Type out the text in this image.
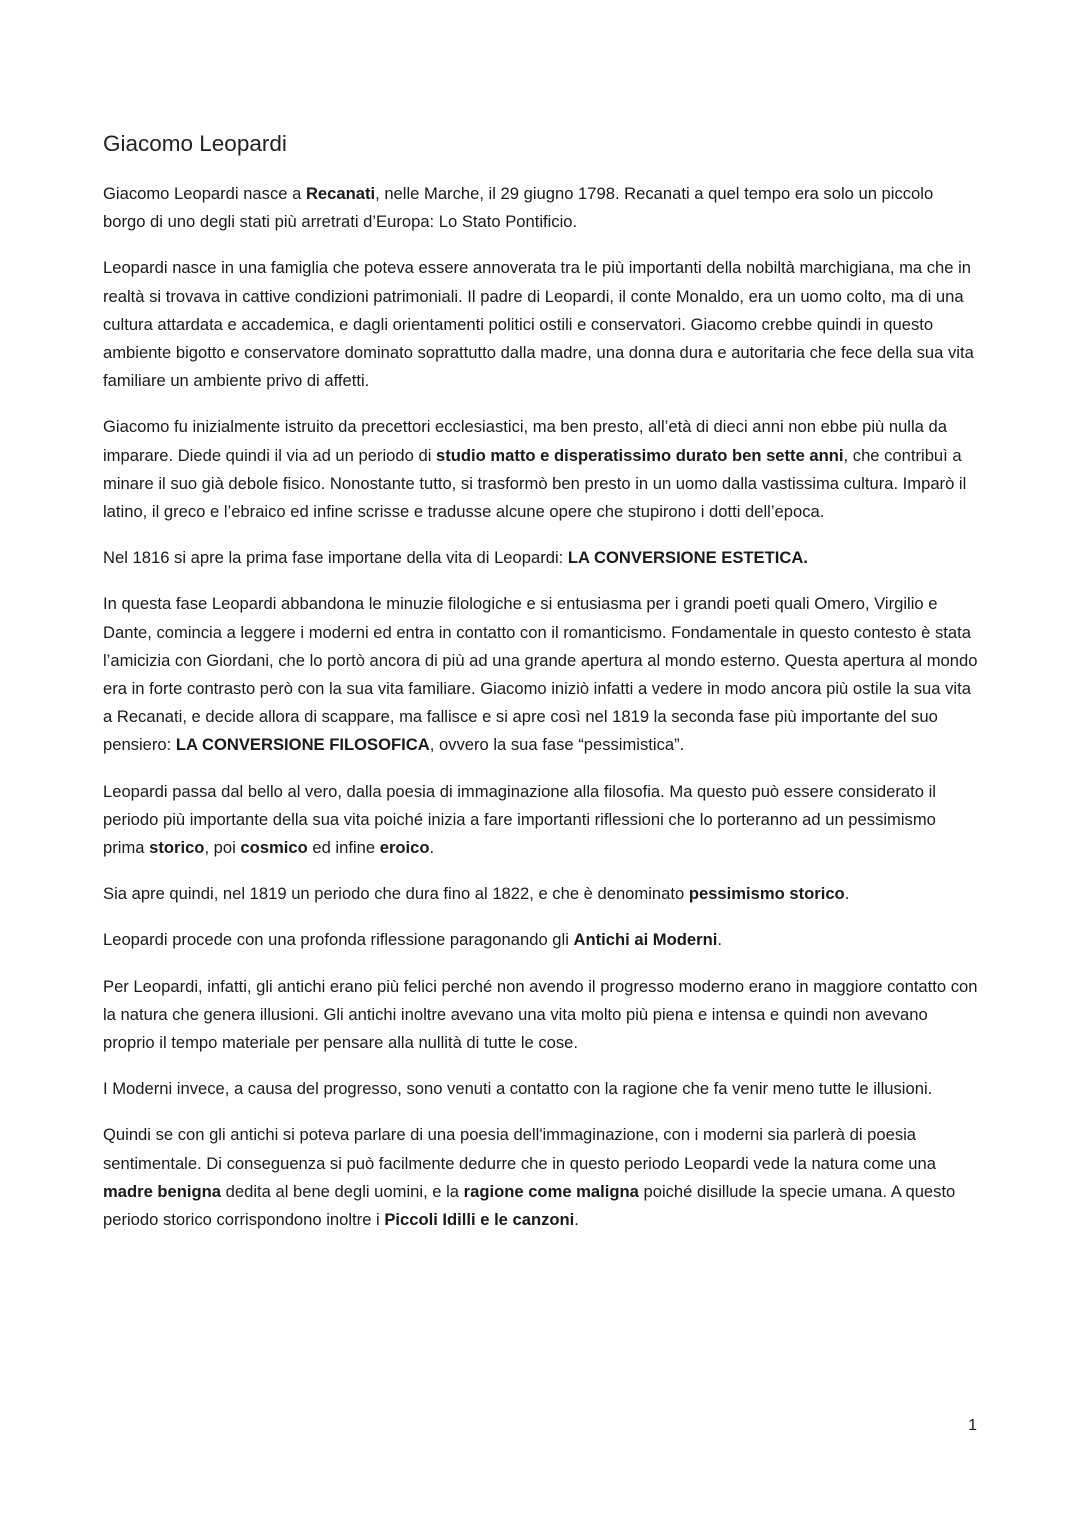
Giacomo Leopardi

Giacomo Leopardi nasce a Recanati, nelle Marche, il 29 giugno 1798. Recanati a quel tempo era solo un piccolo borgo di uno degli stati più arretrati d’Europa: Lo Stato Pontificio.

Leopardi nasce in una famiglia che poteva essere annoverata tra le più importanti della nobiltà marchigiana, ma che in realtà si trovava in cattive condizioni patrimoniali. Il padre di Leopardi, il conte Monaldo, era un uomo colto, ma di una cultura attardata e accademica, e dagli orientamenti politici ostili e conservatori. Giacomo crebbe quindi in questo ambiente bigotto e conservatore dominato soprattutto dalla madre, una donna dura e autoritaria che fece della sua vita familiare un ambiente privo di affetti.

Giacomo fu inizialmente istruito da precettori ecclesiastici, ma ben presto, all’età di dieci anni non ebbe più nulla da imparare. Diede quindi il via ad un periodo di studio matto e disperatissimo durato ben sette anni, che contribuì a minare il suo già debole fisico. Nonostante tutto, si trasformò ben presto in un uomo dalla vastissima cultura. Imparò il latino, il greco e l’ebraico ed infine scrisse e tradusse alcune opere che stupirono i dotti dell’epoca.

Nel 1816 si apre la prima fase importane della vita di Leopardi: LA CONVERSIONE ESTETICA.

In questa fase Leopardi abbandona le minuzie filologiche e si entusiasma per i grandi poeti quali Omero, Virgilio e Dante, comincia a leggere i moderni ed entra in contatto con il romanticismo. Fondamentale in questo contesto è stata l’amicizia con Giordani, che lo portò ancora di più ad una grande apertura al mondo esterno. Questa apertura al mondo era in forte contrasto però con la sua vita familiare. Giacomo iniziò infatti a vedere in modo ancora più ostile la sua vita a Recanati, e decide allora di scappare, ma fallisce e si apre così nel 1819 la seconda fase più importante del suo pensiero: LA CONVERSIONE FILOSOFICA, ovvero la sua fase “pessimistica”.

Leopardi passa dal bello al vero, dalla poesia di immaginazione alla filosofia. Ma questo può essere considerato il periodo più importante della sua vita poiché inizia a fare importanti riflessioni che lo porteranno ad un pessimismo prima storico, poi cosmico ed infine eroico.

Sia apre quindi, nel 1819 un periodo che dura fino al 1822, e che è denominato pessimismo storico.

Leopardi procede con una profonda riflessione paragonando gli Antichi ai Moderni.

Per Leopardi, infatti, gli antichi erano più felici perché non avendo il progresso moderno erano in maggiore contatto con la natura che genera illusioni. Gli antichi inoltre avevano una vita molto più piena e intensa e quindi non avevano proprio il tempo materiale per pensare alla nullità di tutte le cose.

I Moderni invece, a causa del progresso, sono venuti a contatto con la ragione che fa venir meno tutte le illusioni.

Quindi se con gli antichi si poteva parlare di una poesia dell'immaginazione, con i moderni sia parlerà di poesia sentimentale. Di conseguenza si può facilmente dedurre che in questo periodo Leopardi vede la natura come una madre benigna dedita al bene degli uomini, e la ragione come maligna poiché disillude la specie umana. A questo periodo storico corrispondono inoltre i Piccoli Idilli e le canzoni.

1
